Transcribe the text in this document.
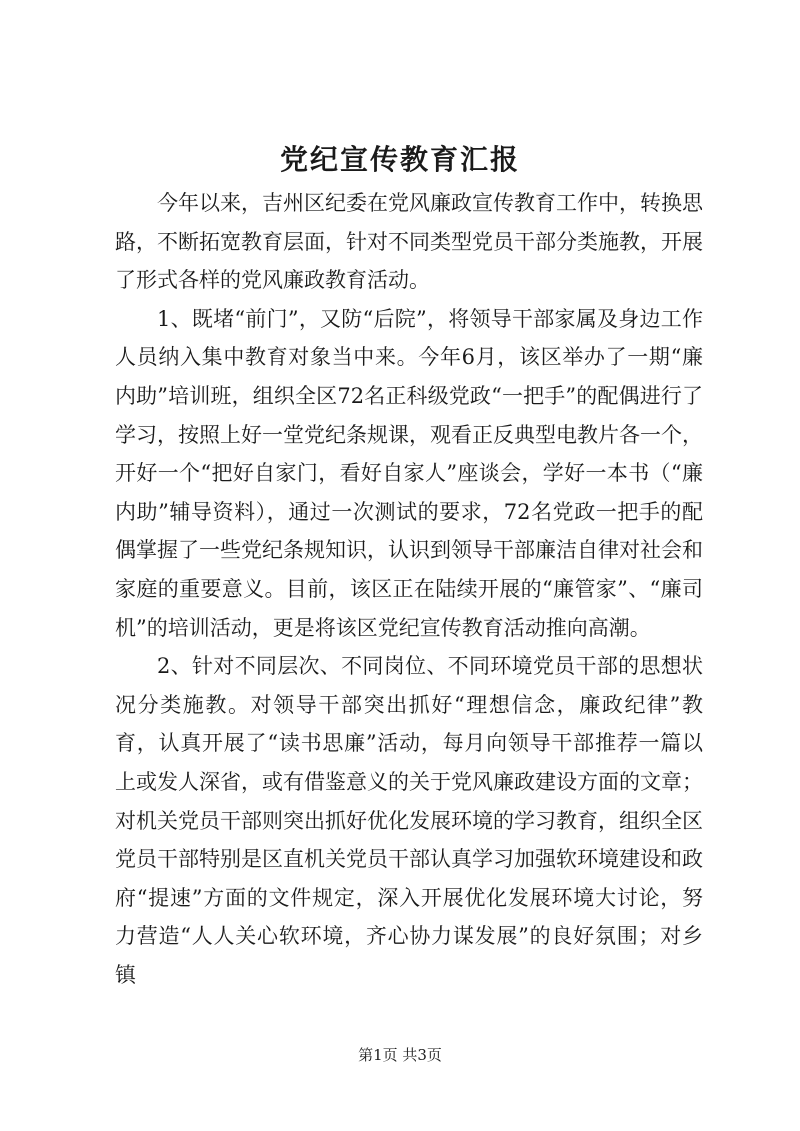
党纪宣传教育汇报

今年以来，吉州区纪委在党风廉政宣传教育工作中，转换思路，不断拓宽教育层面，针对不同类型党员干部分类施教，开展了形式各样的党风廉政教育活动。

1、既堵“前门”，又防“后院”，将领导干部家属及身边工作人员纳入集中教育对象当中来。今年6月，该区举办了一期“廉内助”培训班，组织全区72名正科级党政“一把手”的配偶进行了学习，按照上好一堂党纪条规课，观看正反典型电教片各一个，开好一个“把好自家门，看好自家人”座谈会，学好一本书（“廉内助”辅导资料），通过一次测试的要求，72名党政一把手的配偶掌握了一些党纪条规知识，认识到领导干部廉洁自律对社会和家庭的重要意义。目前，该区正在陆续开展的“廉管家”、“廉司机”的培训活动，更是将该区党纪宣传教育活动推向高潮。

2、针对不同层次、不同岗位、不同环境党员干部的思想状况分类施教。对领导干部突出抓好“理想信念，廉政纪律”教育，认真开展了“读书思廉”活动，每月向领导干部推荐一篇以上或发人深省，或有借鉴意义的关于党风廉政建设方面的文章；对机关党员干部则突出抓好优化发展环境的学习教育，组织全区党员干部特别是区直机关党员干部认真学习加强软环境建设和政府“提速”方面的文件规定，深入开展优化发展环境大讨论，努力营造“人人关心软环境，齐心协力谋发展”的良好氛围；对乡镇

第1页 共3页
